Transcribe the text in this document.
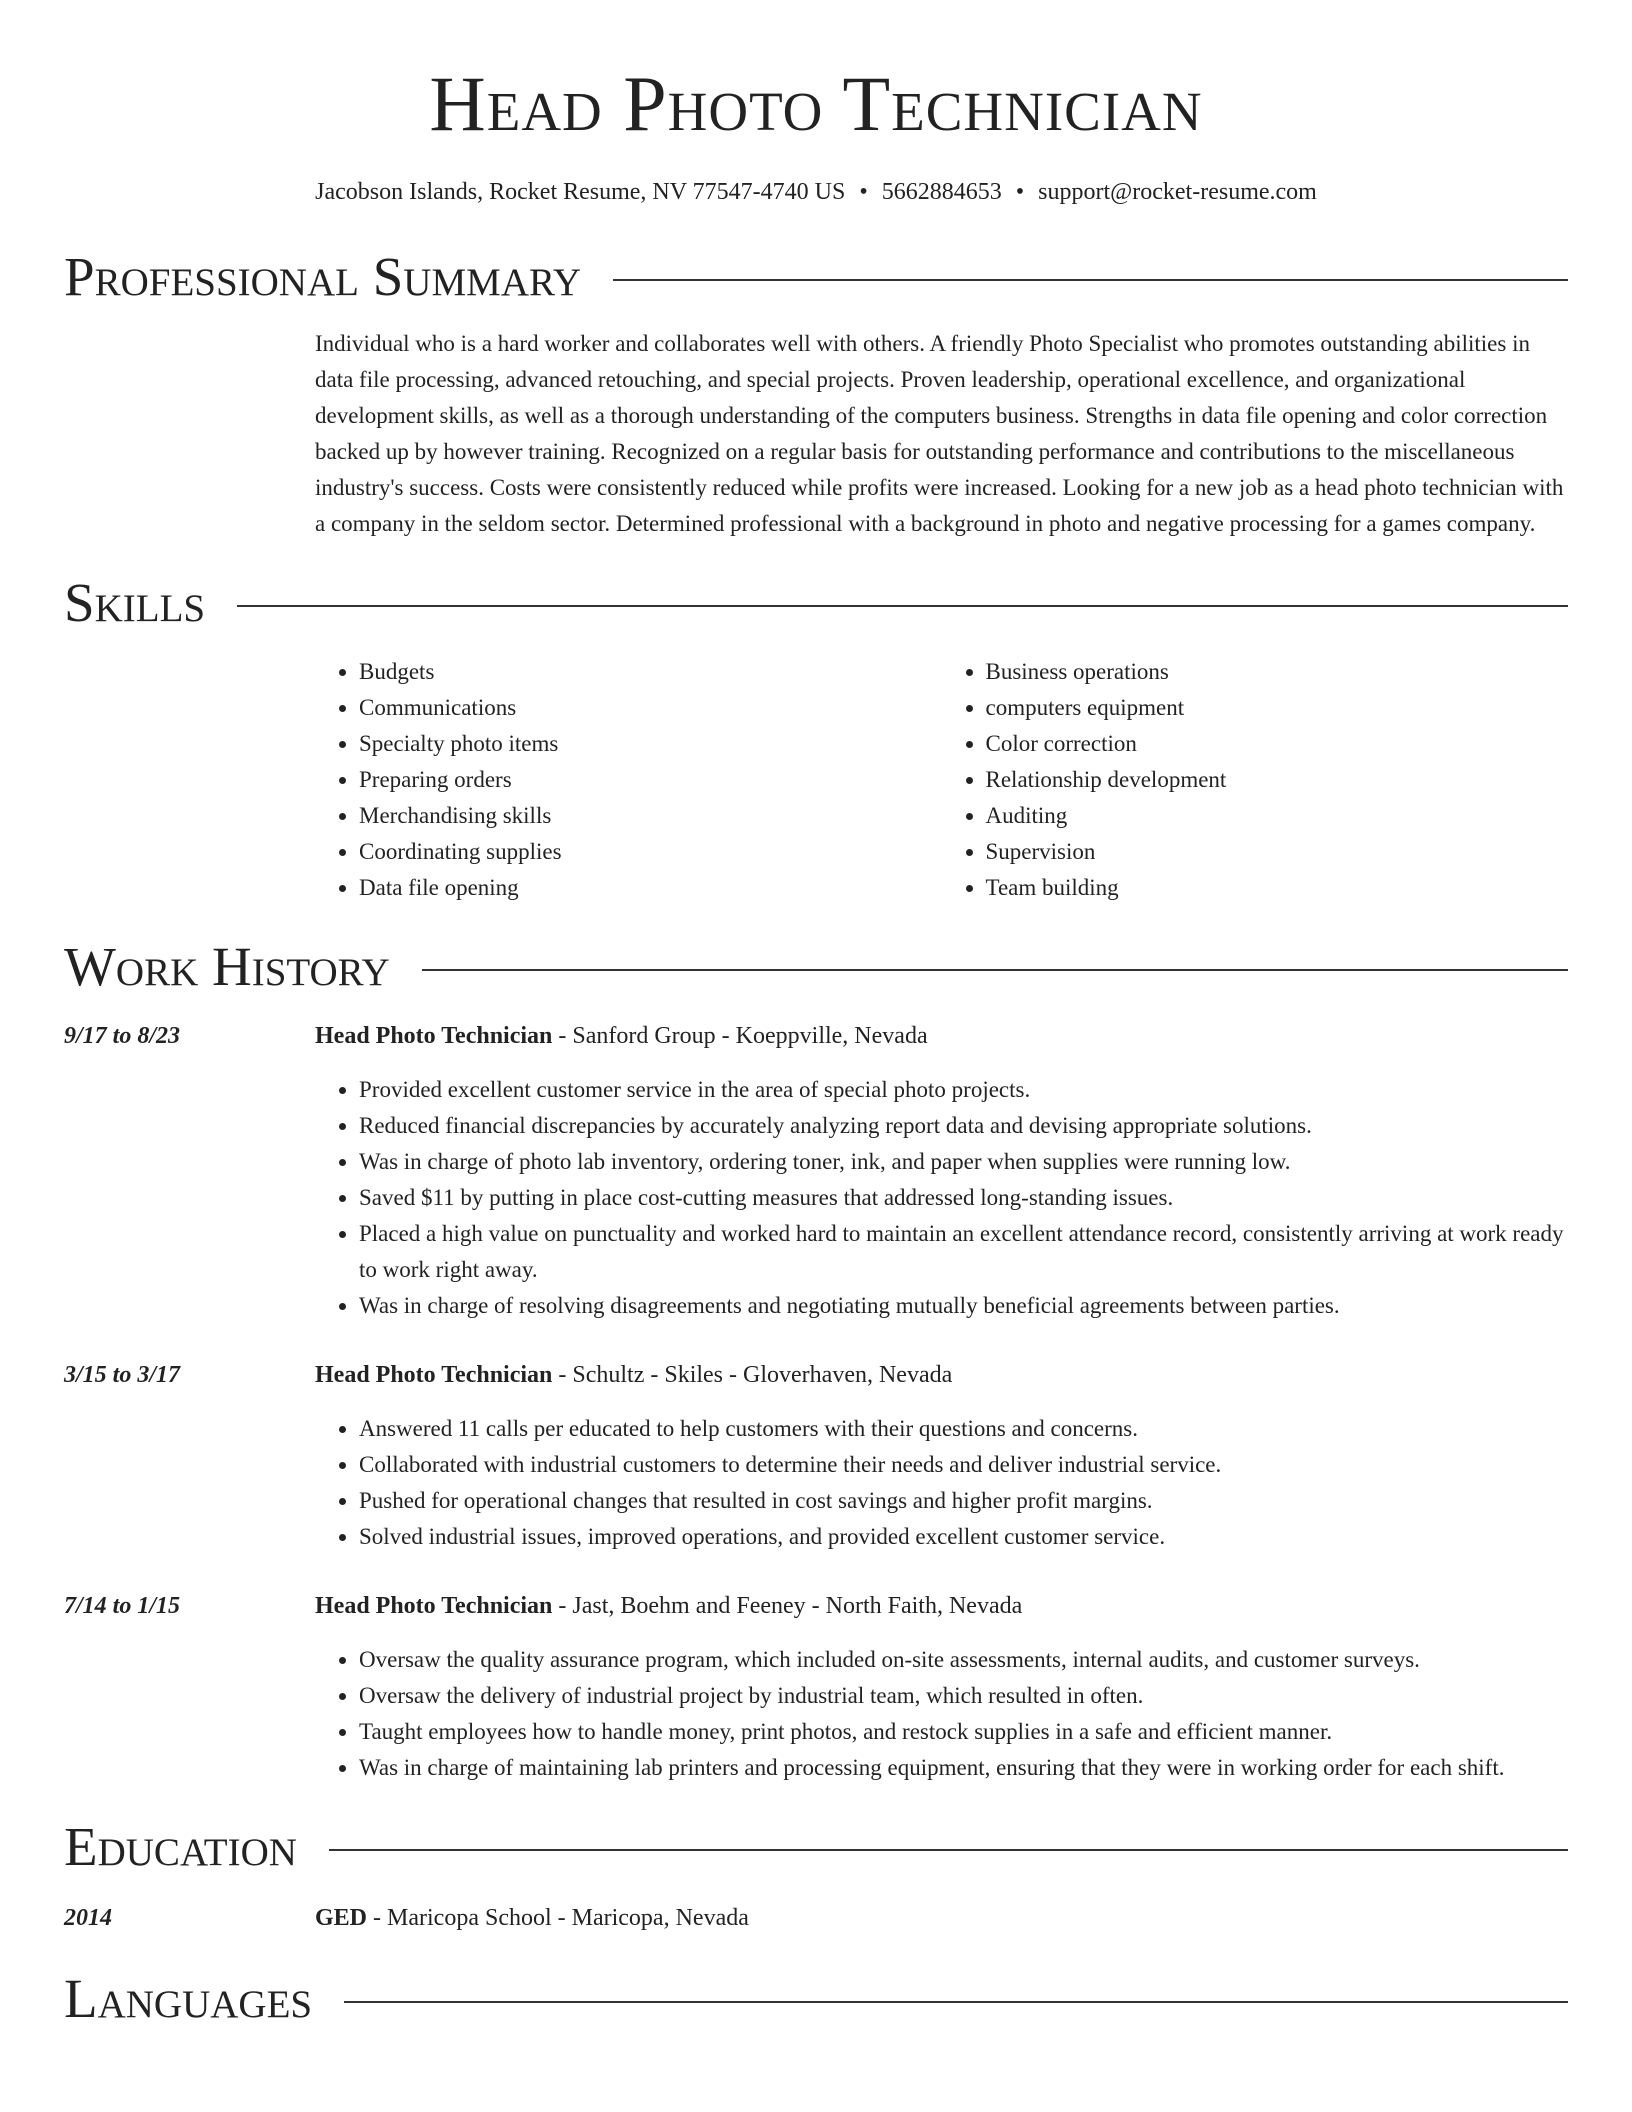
Head Photo Technician
Jacobson Islands, Rocket Resume, NV 77547-4740 US • 5662884653 • support@rocket-resume.com
Professional Summary

Individual who is a hard worker and collaborates well with others. A friendly Photo Specialist who promotes outstanding abilities in data file processing, advanced retouching, and special projects. Proven leadership, operational excellence, and organizational development skills, as well as a thorough understanding of the computers business. Strengths in data file opening and color correction backed up by however training. Recognized on a regular basis for outstanding performance and contributions to the miscellaneous industry's success. Costs were consistently reduced while profits were increased. Looking for a new job as a head photo technician with a company in the seldom sector. Determined professional with a background in photo and negative processing for a games company.

Skills
• Budgets
• Communications
• Specialty photo items
• Preparing orders
• Merchandising skills
• Coordinating supplies
• Data file opening
• Business operations
• computers equipment
• Color correction
• Relationship development
• Auditing
• Supervision
• Team building
Work History
9/17 to 8/23	Head Photo Technician - Sanford Group - Koeppville, Nevada
• Provided excellent customer service in the area of special photo projects.
• Reduced financial discrepancies by accurately analyzing report data and devising appropriate solutions.
• Was in charge of photo lab inventory, ordering toner, ink, and paper when supplies were running low.
• Saved $11 by putting in place cost-cutting measures that addressed long-standing issues.
• Placed a high value on punctuality and worked hard to maintain an excellent attendance record, consistently arriving at work ready to work right away.
• Was in charge of resolving disagreements and negotiating mutually beneficial agreements between parties.
3/15 to 3/17	Head Photo Technician - Schultz - Skiles - Gloverhaven, Nevada
• Answered 11 calls per educated to help customers with their questions and concerns.
• Collaborated with industrial customers to determine their needs and deliver industrial service.
• Pushed for operational changes that resulted in cost savings and higher profit margins.
• Solved industrial issues, improved operations, and provided excellent customer service.
7/14 to 1/15	Head Photo Technician - Jast, Boehm and Feeney - North Faith, Nevada
• Oversaw the quality assurance program, which included on-site assessments, internal audits, and customer surveys.
• Oversaw the delivery of industrial project by industrial team, which resulted in often.
• Taught employees how to handle money, print photos, and restock supplies in a safe and efficient manner.
• Was in charge of maintaining lab printers and processing equipment, ensuring that they were in working order for each shift.
Education
2014	GED - Maricopa School - Maricopa, Nevada
Languages
